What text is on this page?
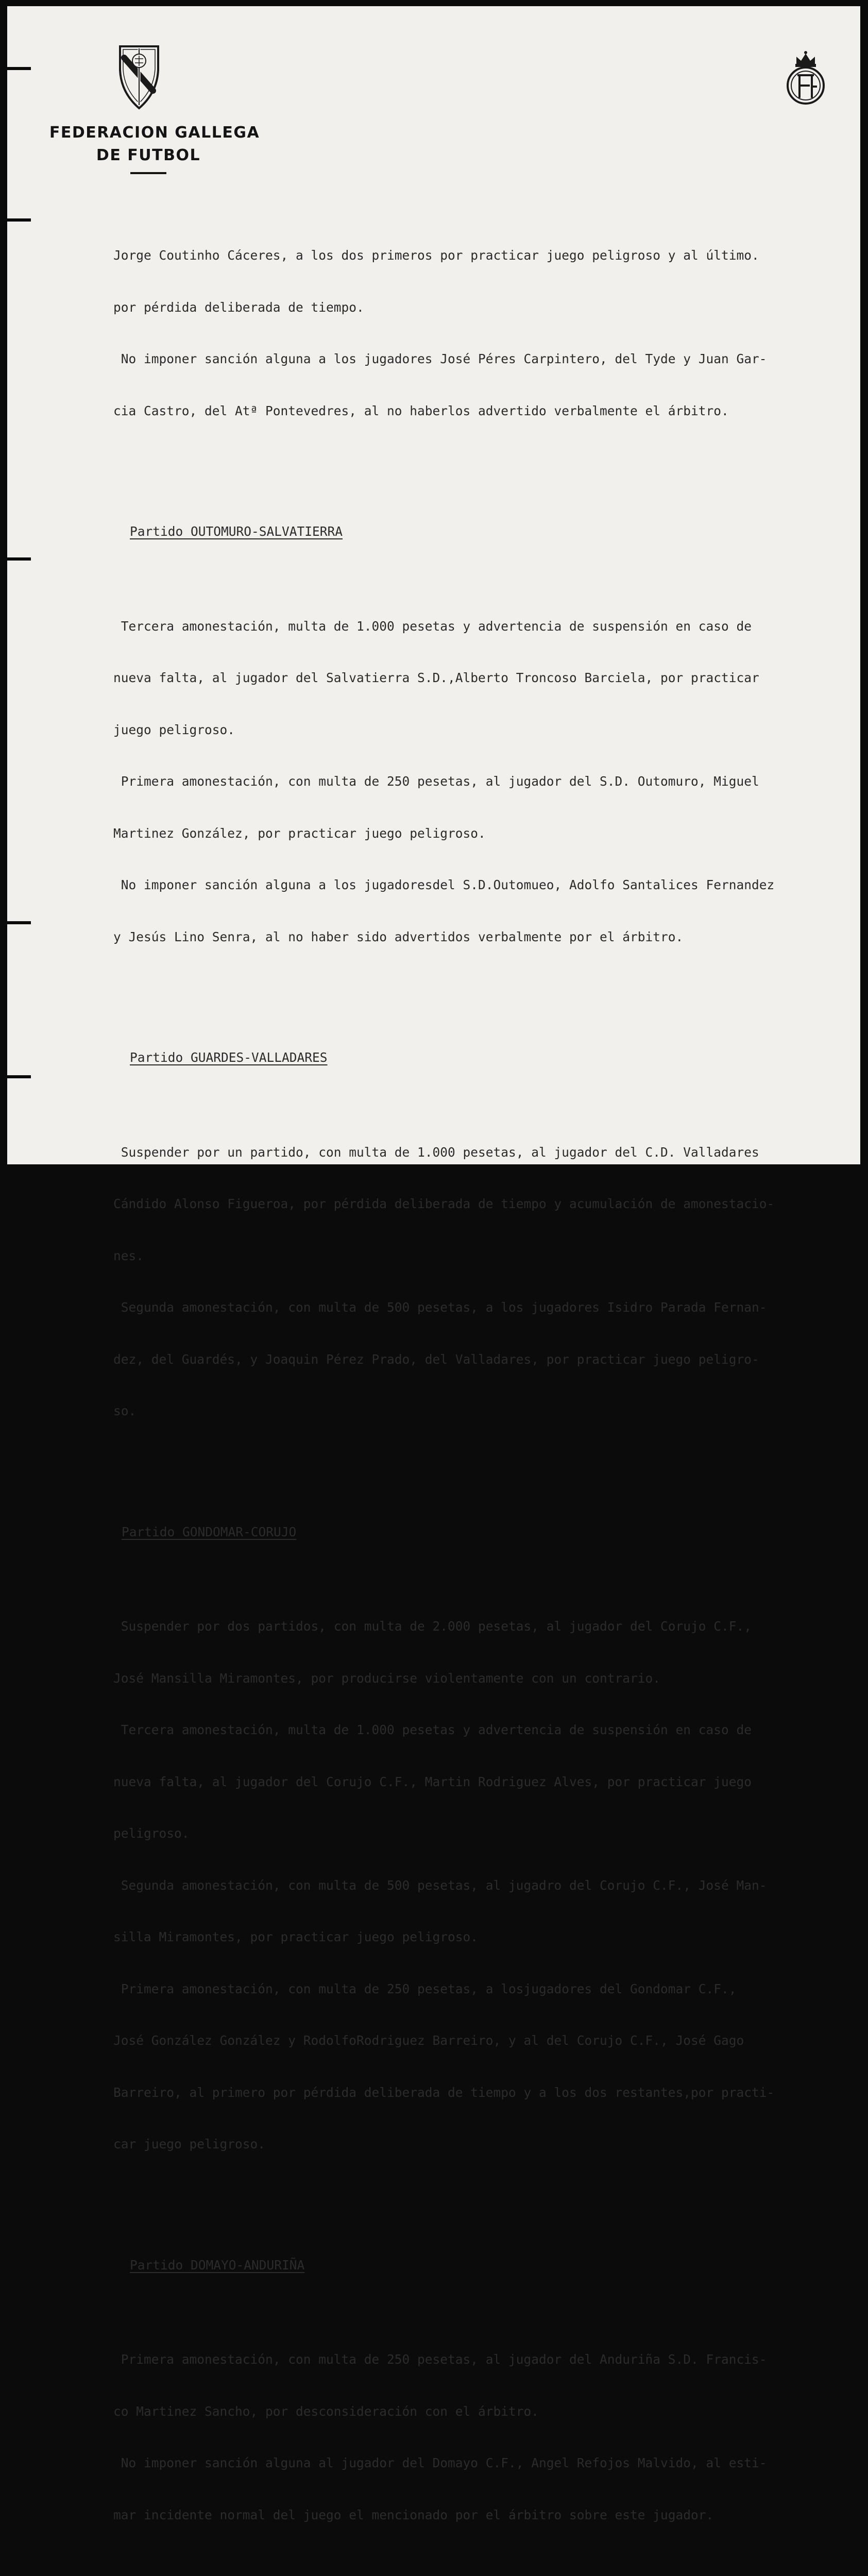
FEDERACION GALLEGA
DE FUTBOL

Jorge Coutinho Cáceres, a los dos primeros por practicar juego peligroso y al último.

por pérdida deliberada de tiempo.

No imponer sanción alguna a los jugadores José Péres Carpintero, del Tyde y Juan Gar-

cia Castro, del Atª Pontevedres, al no haberlos advertido verbalmente el árbitro.

Partido OUTOMURO-SALVATIERRA

Tercera amonestación, multa de 1.000 pesetas y advertencia de suspensión en caso de

nueva falta, al jugador del Salvatierra S.D.,Alberto Troncoso Barciela, por practicar

juego peligroso.

Primera amonestación, con multa de 250 pesetas, al jugador del S.D. Outomuro, Miguel

Martinez González, por practicar juego peligroso.

No imponer sanción alguna a los jugadoresdel S.D.Outomueo, Adolfo Santalices Fernandez

y Jesús Lino Senra, al no haber sido advertidos verbalmente por el árbitro.

Partido GUARDES-VALLADARES

Suspender por un partido, con multa de 1.000 pesetas, al jugador del C.D. Valladares

Cándido Alonso Figueroa, por pérdida deliberada de tiempo y acumulación de amonestacio-

nes.

Segunda amonestación, con multa de 500 pesetas, a los jugadores Isidro Parada Fernan-

dez, del Guardés, y Joaquin Pérez Prado, del Valladares, por practicar juego peligro-

so.

Partido GONDOMAR-CORUJO

Suspender por dos partidos, con multa de 2.000 pesetas, al jugador del Corujo C.F.,

José Mansilla Miramontes, por producirse violentamente con un contrario.

Tercera amonestación, multa de 1.000 pesetas y advertencia de suspensión en caso de

nueva falta, al jugador del Corujo C.F., Martin Rodriguez Alves, por practicar juego

peligroso.

Segunda amonestación, con multa de 500 pesetas, al jugadro del Corujo C.F., José Man-

silla Miramontes, por practicar juego peligroso.

Primera amonestación, con multa de 250 pesetas, a losjugadores del Gondomar C.F.,

José González González y RodolfoRodriguez Barreiro, y al del Corujo C.F., José Gago

Barreiro, al primero por pérdida deliberada de tiempo y a los dos restantes,por practi-

car juego peligroso.

Partido DOMAYO-ANDURIÑA

Primera amonestación, con multa de 250 pesetas, al jugador del Anduriña S.D. Francis-

co Martinez Sancho, por desconsideración con el árbitro.

No imponer sanción alguna al jugador del Domayo C.F., Angel Refojos Malvido, al esti-

mar incidente normal del juego el mencionado por el árbitro sobre este jugador.
